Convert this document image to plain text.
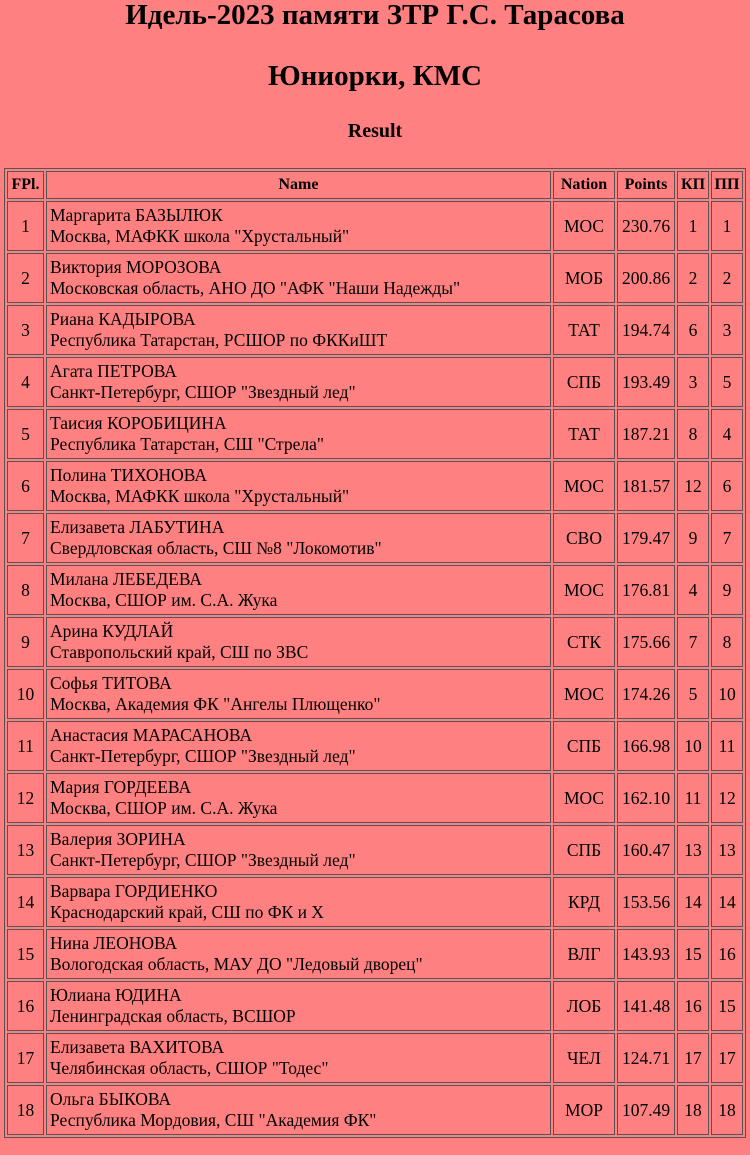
Идель-2023 памяти ЗТР Г.С. Тарасова
Юниорки, КМС
Result
FPl.	Name	Nation	Points	КП	ПП
1	Маргарита БАЗЫЛЮК
Москва, МАФКК школа "Хрустальный"	МОС	230.76	1	1
2	Виктория МОРОЗОВА
Московская область, АНО ДО "АФК "Наши Надежды"	МОБ	200.86	2	2
3	Риана КАДЫРОВА
Республика Татарстан, РСШОР по ФККиШТ	ТАТ	194.74	6	3
4	Агата ПЕТРОВА
Санкт-Петербург, СШОР "Звездный лед"	СПБ	193.49	3	5
5	Таисия КОРОБИЦИНА
Республика Татарстан, СШ "Стрела"	ТАТ	187.21	8	4
6	Полина ТИХОНОВА
Москва, МАФКК школа "Хрустальный"	МОС	181.57	12	6
7	Елизавета ЛАБУТИНА
Свердловская область, СШ №8 "Локомотив"	СВО	179.47	9	7
8	Милана ЛЕБЕДЕВА
Москва, СШОР им. С.А. Жука	МОС	176.81	4	9
9	Арина КУДЛАЙ
Ставропольский край, СШ по ЗВС	СТК	175.66	7	8
10	Софья ТИТОВА
Москва, Академия ФК "Ангелы Плющенко"	МОС	174.26	5	10
11	Анастасия МАРАСАНОВА
Санкт-Петербург, СШОР "Звездный лед"	СПБ	166.98	10	11
12	Мария ГОРДЕЕВА
Москва, СШОР им. С.А. Жука	МОС	162.10	11	12
13	Валерия ЗОРИНА
Санкт-Петербург, СШОР "Звездный лед"	СПБ	160.47	13	13
14	Варвара ГОРДИЕНКО
Краснодарский край, СШ по ФК и Х	КРД	153.56	14	14
15	Нина ЛЕОНОВА
Вологодская область, МАУ ДО "Ледовый дворец"	ВЛГ	143.93	15	16
16	Юлиана ЮДИНА
Ленинградская область, ВСШОР	ЛОБ	141.48	16	15
17	Елизавета ВАХИТОВА
Челябинская область, СШОР "Тодес"	ЧЕЛ	124.71	17	17
18	Ольга БЫКОВА
Республика Мордовия, СШ "Академия ФК"	МОР	107.49	18	18
